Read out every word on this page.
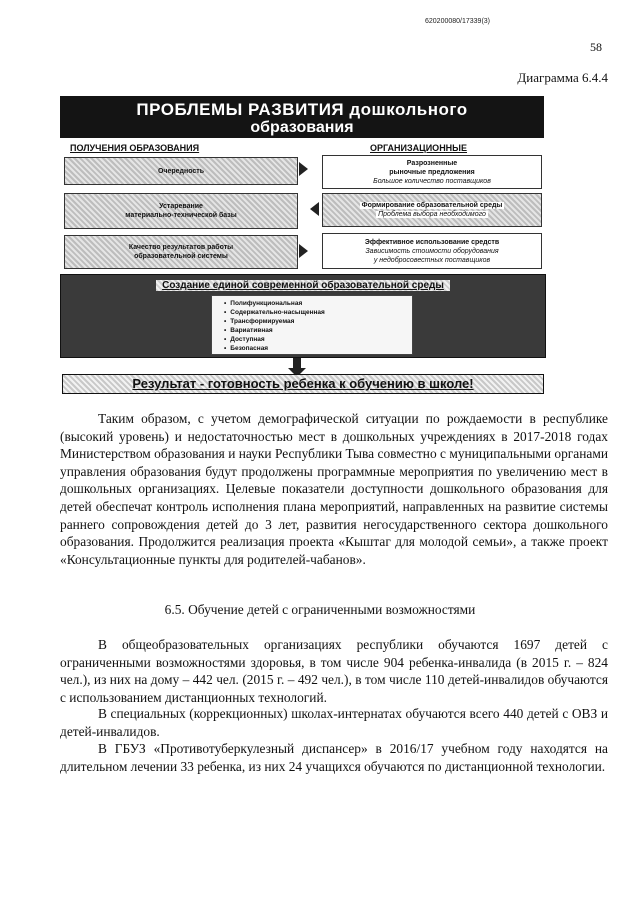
620200080/17339(3)
58
Диаграмма 6.4.4
ПРОБЛЕМЫ РАЗВИТИЯ дошкольного
образования
ПОЛУЧЕНИЯ ОБРАЗОВАНИЯ	ОРГАНИЗАЦИОННЫЕ
Очередность
Устаревание
материально-технической базы
Качество результатов работы
образовательной системы
Разрозненные
рыночные предложения
Большое количество поставщиков
Формирование образовательной среды
Проблема выбора необходимого
Эффективное использование средств
Зависимость стоимости оборудования
у недобросовестных поставщиков
Создание единой современной образовательной среды
• Полифункциональная
• Содержательно-насыщенная
• Трансформируемая
• Вариативная
• Доступная
• Безопасная
Результат - готовность ребенка к обучению в школе!
Таким образом, с учетом демографической ситуации по рождаемости в республике (высокий уровень) и недостаточностью мест в дошкольных учреждениях в 2017-2018 годах Министерством образования и науки Республики Тыва совместно с муниципальными органами управления образования будут продолжены программные мероприятия по увеличению мест в дошкольных организациях. Целевые показатели доступности дошкольного образования для детей обеспечат контроль исполнения плана мероприятий, направленных на развитие системы раннего сопровождения детей до 3 лет, развития негосударственного сектора дошкольного образования. Продолжится реализация проекта «Кыштаг для молодой семьи», а также проект «Консультационные пункты для родителей-чабанов».
6.5. Обучение детей с ограниченными возможностями
В общеобразовательных организациях республики обучаются 1697 детей с ограниченными возможностями здоровья, в том числе 904 ребенка-инвалида (в 2015 г. – 824 чел.), из них на дому – 442 чел. (2015 г. – 492 чел.), в том числе 110 детей-инвалидов обучаются с использованием дистанционных технологий.
В специальных (коррекционных) школах-интернатах обучаются всего 440 детей с ОВЗ и детей-инвалидов.
В ГБУЗ «Противотуберкулезный диспансер» в 2016/17 учебном году находятся на длительном лечении 33 ребенка, из них 24 учащихся обучаются по дистанционной технологии.
